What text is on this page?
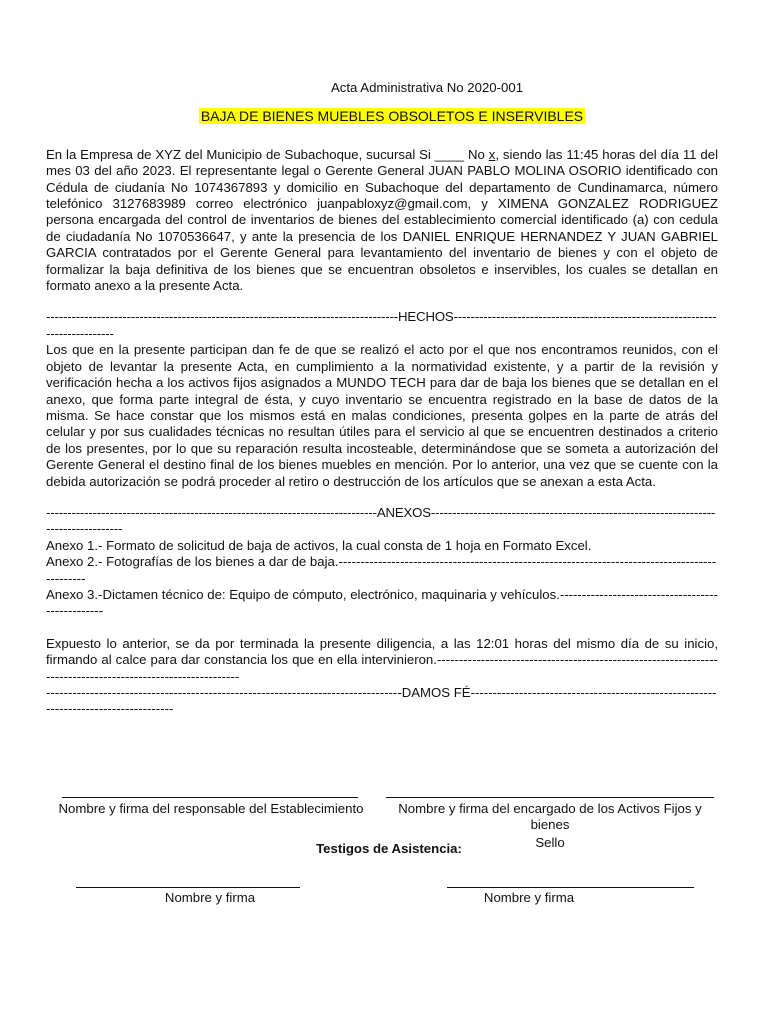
Acta Administrativa No 2020-001
BAJA DE BIENES MUEBLES OBSOLETOS E INSERVIBLES

En la Empresa de XYZ del Municipio de Subachoque, sucursal Si ____ No x, siendo las 11:45 horas del día 11 del mes 03 del año 2023. El representante legal o Gerente General JUAN PABLO MOLINA OSORIO identificado con Cédula de ciudanía No 1074367893 y domicilio en Subachoque del departamento de Cundinamarca, número telefónico 3127683989 correo electrónico juanpabloxyz@gmail.com, y XIMENA GONZALEZ RODRIGUEZ persona encargada del control de inventarios de bienes del establecimiento comercial identificado (a) con cedula de ciudadanía No 1070536647, y ante la presencia de los DANIEL ENRIQUE HERNANDEZ Y JUAN GABRIEL GARCIA contratados por el Gerente General para levantamiento del inventario de bienes y con el objeto de formalizar la baja definitiva de los bienes que se encuentran obsoletos e inservibles, los cuales se detallan en formato anexo a la presente Acta.

-----------------------------------------------------------------------------------HECHOS------------------------------------------------------------------------------

Los que en la presente participan dan fe de que se realizó el acto por el que nos encontramos reunidos, con el objeto de levantar la presente Acta, en cumplimiento a la normatividad existente, y a partir de la revisión y verificación hecha a los activos fijos asignados a MUNDO TECH para dar de baja los bienes que se detallan en el anexo, que forma parte integral de ésta, y cuyo inventario se encuentra registrado en la base de datos de la misma. Se hace constar que los mismos está en malas condiciones, presenta golpes en la parte de atrás del celular y por sus cualidades técnicas no resultan útiles para el servicio al que se encuentren destinados a criterio de los presentes, por lo que su reparación resulta incosteable, determinándose que se someta a autorización del Gerente General el destino final de los bienes muebles en mención. Por lo anterior, una vez que se cuente con la debida autorización se podrá proceder al retiro o destrucción de los artículos que se anexan a esta Acta.

------------------------------------------------------------------------------ANEXOS-------------------------------------------------------------------------------------
Anexo 1.- Formato de solicitud de baja de activos, la cual consta de 1 hoja en Formato Excel.
Anexo 2.- Fotografías de los bienes a dar de baja.-----------------------------------------------------------------------------------------------
Anexo 3.-Dictamen técnico de: Equipo de cómputo, electrónico, maquinaria y vehículos.-------------------------------------------------

Expuesto lo anterior, se da por terminada la presente diligencia, a las 12:01 horas del mismo día de su inicio, firmando al calce para dar constancia los que en ella intervinieron.------------------------------------------------------------------------------------------------------------

---------------------------------------------------------------------------------DAMOS FÉ-------------------------------------------------------------------------------------
Nombre y firma del responsable del Establecimiento	Nombre y firma del encargado de los Activos Fijos y bienes
Sello
Testigos de Asistencia:
Nombre y firma	Nombre y firma
